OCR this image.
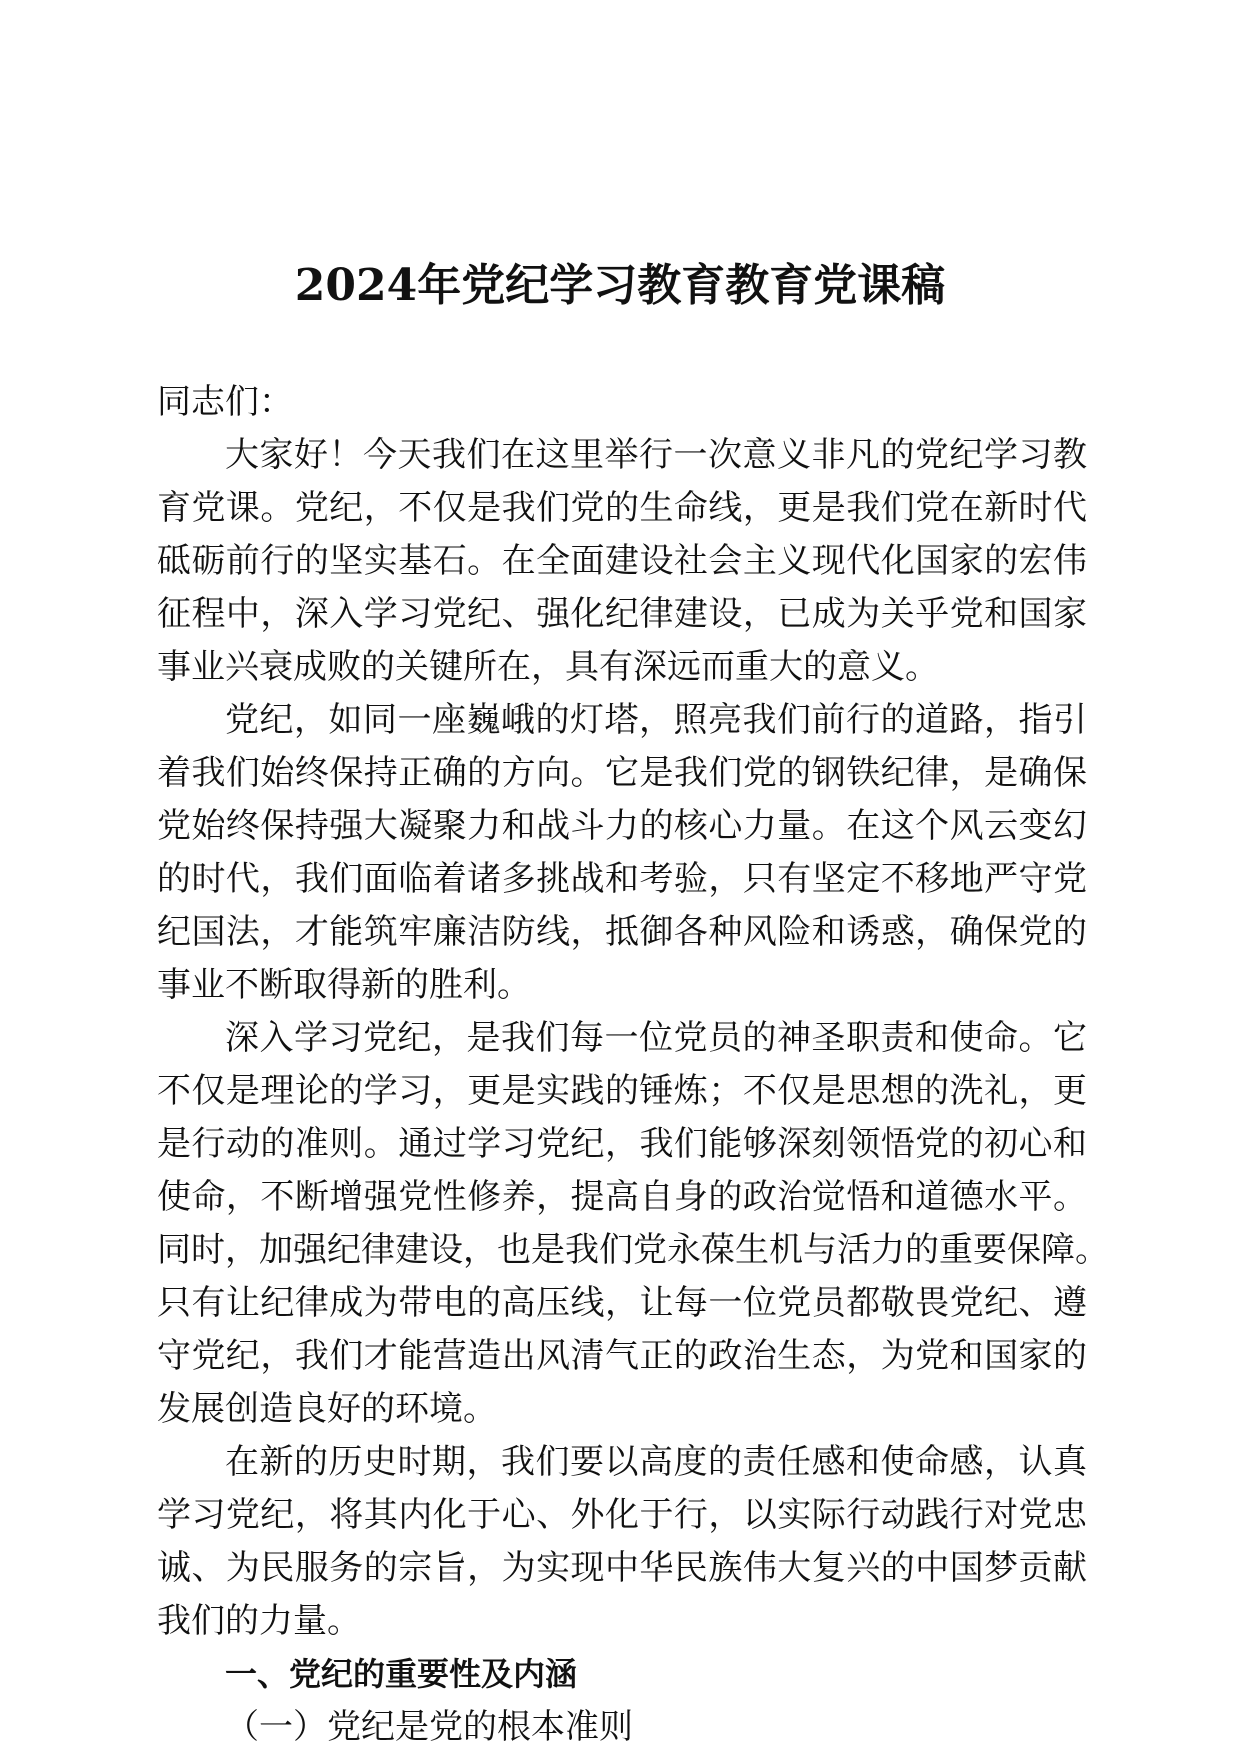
2024年党纪学习教育教育党课稿
同志们：
大家好！今天我们在这里举行一次意义非凡的党纪学习教
育党课。党纪，不仅是我们党的生命线，更是我们党在新时代
砥砺前行的坚实基石。在全面建设社会主义现代化国家的宏伟
征程中，深入学习党纪、强化纪律建设，已成为关乎党和国家
事业兴衰成败的关键所在，具有深远而重大的意义。
党纪，如同一座巍峨的灯塔，照亮我们前行的道路，指引
着我们始终保持正确的方向。它是我们党的钢铁纪律，是确保
党始终保持强大凝聚力和战斗力的核心力量。在这个风云变幻
的时代，我们面临着诸多挑战和考验，只有坚定不移地严守党
纪国法，才能筑牢廉洁防线，抵御各种风险和诱惑，确保党的
事业不断取得新的胜利。
深入学习党纪，是我们每一位党员的神圣职责和使命。它
不仅是理论的学习，更是实践的锤炼；不仅是思想的洗礼，更
是行动的准则。通过学习党纪，我们能够深刻领悟党的初心和
使命，不断增强党性修养，提高自身的政治觉悟和道德水平。
同时，加强纪律建设，也是我们党永葆生机与活力的重要保障。
只有让纪律成为带电的高压线，让每一位党员都敬畏党纪、遵
守党纪，我们才能营造出风清气正的政治生态，为党和国家的
发展创造良好的环境。
在新的历史时期，我们要以高度的责任感和使命感，认真
学习党纪，将其内化于心、外化于行，以实际行动践行对党忠
诚、为民服务的宗旨，为实现中华民族伟大复兴的中国梦贡献
我们的力量。
一、党纪的重要性及内涵
（一）党纪是党的根本准则
